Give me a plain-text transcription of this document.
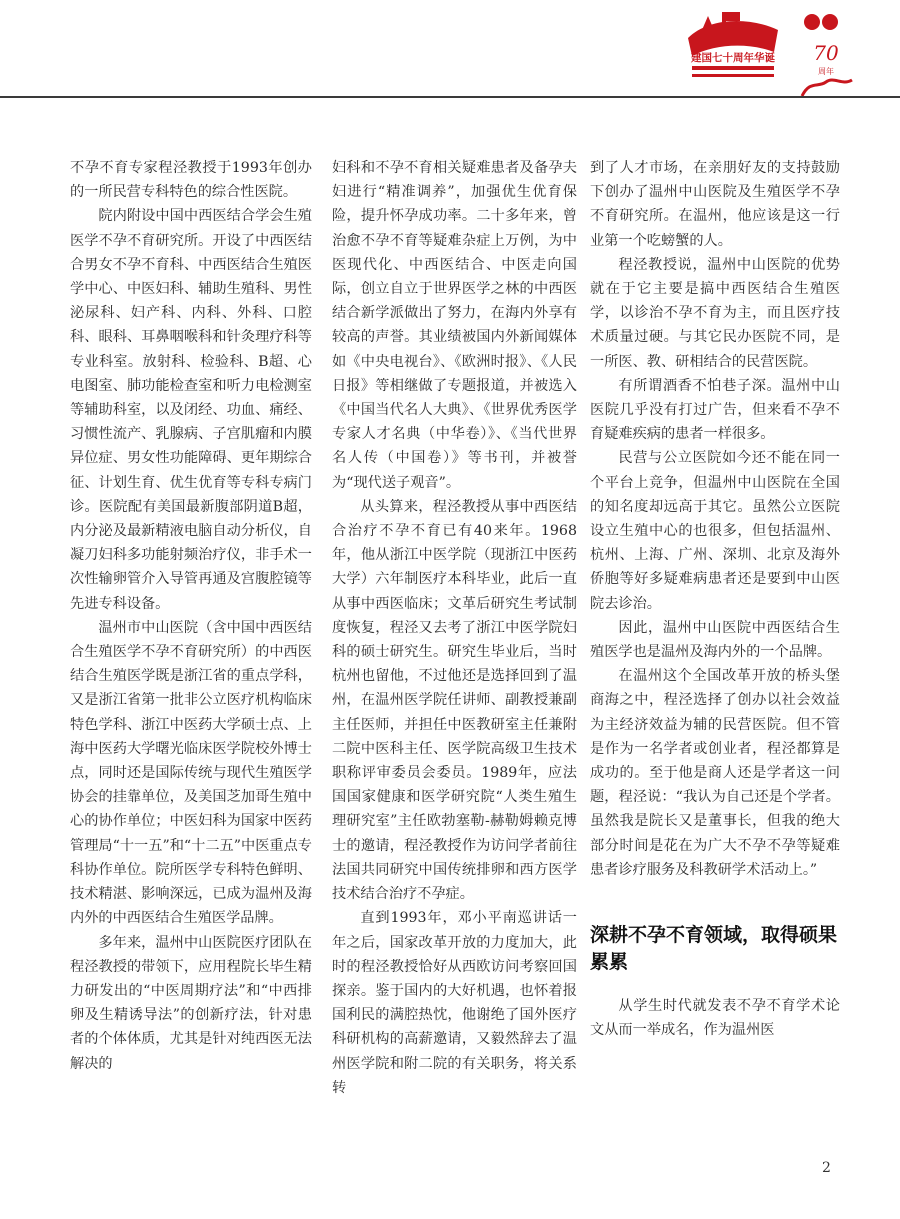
建国七十周年华诞 70
周年

不孕不育专家程泾教授于1993年创办的一所民营专科特色的综合性医院。

院内附设中国中西医结合学会生殖医学不孕不育研究所。开设了中西医结合男女不孕不育科、中西医结合生殖医学中心、中医妇科、辅助生殖科、男性泌尿科、妇产科、内科、外科、口腔科、眼科、耳鼻咽喉科和针灸理疗科等专业科室。放射科、检验科、B超、心电图室、肺功能检查室和听力电检测室等辅助科室，以及闭经、功血、痛经、习惯性流产、乳腺病、子宫肌瘤和内膜异位症、男女性功能障碍、更年期综合征、计划生育、优生优育等专科专病门诊。医院配有美国最新腹部阴道B超，内分泌及最新精液电脑自动分析仪，自凝刀妇科多功能射频治疗仪，非手术一次性输卵管介入导管再通及宫腹腔镜等先进专科设备。

温州市中山医院（含中国中西医结合生殖医学不孕不育研究所）的中西医结合生殖医学既是浙江省的重点学科，又是浙江省第一批非公立医疗机构临床特色学科、浙江中医药大学硕士点、上海中医药大学曙光临床医学院校外博士点，同时还是国际传统与现代生殖医学协会的挂靠单位，及美国芝加哥生殖中心的协作单位；中医妇科为国家中医药管理局“十一五”和“十二五”中医重点专科协作单位。院所医学专科特色鲜明、技术精湛、影响深远，已成为温州及海内外的中西医结合生殖医学品牌。

多年来，温州中山医院医疗团队在程泾教授的带领下，应用程院长毕生精力研发出的“中医周期疗法”和“中西排卵及生精诱导法”的创新疗法，针对患者的个体体质，尤其是针对纯西医无法解决的

妇科和不孕不育相关疑难患者及备孕夫妇进行“精准调养”，加强优生优育保险，提升怀孕成功率。二十多年来，曾治愈不孕不育等疑难杂症上万例，为中医现代化、中西医结合、中医走向国际，创立自立于世界医学之林的中西医结合新学派做出了努力，在海内外享有较高的声誉。其业绩被国内外新闻媒体如《中央电视台》、《欧洲时报》、《人民日报》等相继做了专题报道，并被选入《中国当代名人大典》、《世界优秀医学专家人才名典（中华卷）》、《当代世界名人传（中国卷）》等书刊，并被誉为“现代送子观音”。

从头算来，程泾教授从事中西医结合治疗不孕不育已有40来年。1968年，他从浙江中医学院（现浙江中医药大学）六年制医疗本科毕业，此后一直从事中西医临床；文革后研究生考试制度恢复，程泾又去考了浙江中医学院妇科的硕士研究生。研究生毕业后，当时杭州也留他，不过他还是选择回到了温州，在温州医学院任讲师、副教授兼副主任医师，并担任中医教研室主任兼附二院中医科主任、医学院高级卫生技术职称评审委员会委员。1989年，应法国国家健康和医学研究院“人类生殖生理研究室”主任欧勃塞勒-赫勒姆赖克博士的邀请，程泾教授作为访问学者前往法国共同研究中国传统排卵和西方医学技术结合治疗不孕症。

直到1993年，邓小平南巡讲话一年之后，国家改革开放的力度加大，此时的程泾教授恰好从西欧访问考察回国探亲。鉴于国内的大好机遇，也怀着报国利民的满腔热忱，他谢绝了国外医疗科研机构的高薪邀请，又毅然辞去了温州医学院和附二院的有关职务，将关系转

到了人才市场，在亲朋好友的支持鼓励下创办了温州中山医院及生殖医学不孕不育研究所。在温州，他应该是这一行业第一个吃螃蟹的人。

程泾教授说，温州中山医院的优势就在于它主要是搞中西医结合生殖医学，以诊治不孕不育为主，而且医疗技术质量过硬。与其它民办医院不同，是一所医、教、研相结合的民营医院。

有所谓酒香不怕巷子深。温州中山医院几乎没有打过广告，但来看不孕不育疑难疾病的患者一样很多。

民营与公立医院如今还不能在同一个平台上竞争，但温州中山医院在全国的知名度却远高于其它。虽然公立医院设立生殖中心的也很多，但包括温州、杭州、上海、广州、深圳、北京及海外侨胞等好多疑难病患者还是要到中山医院去诊治。

因此，温州中山医院中西医结合生殖医学也是温州及海内外的一个品牌。

在温州这个全国改革开放的桥头堡商海之中，程泾选择了创办以社会效益为主经济效益为辅的民营医院。但不管是作为一名学者或创业者，程泾都算是成功的。至于他是商人还是学者这一问题，程泾说：“我认为自己还是个学者。虽然我是院长又是董事长，但我的绝大部分时间是花在为广大不孕不孕等疑难患者诊疗服务及科教研学术活动上。”

深耕不孕不育领域，取得硕果累累

从学生时代就发表不孕不育学术论文从而一举成名，作为温州医

2
